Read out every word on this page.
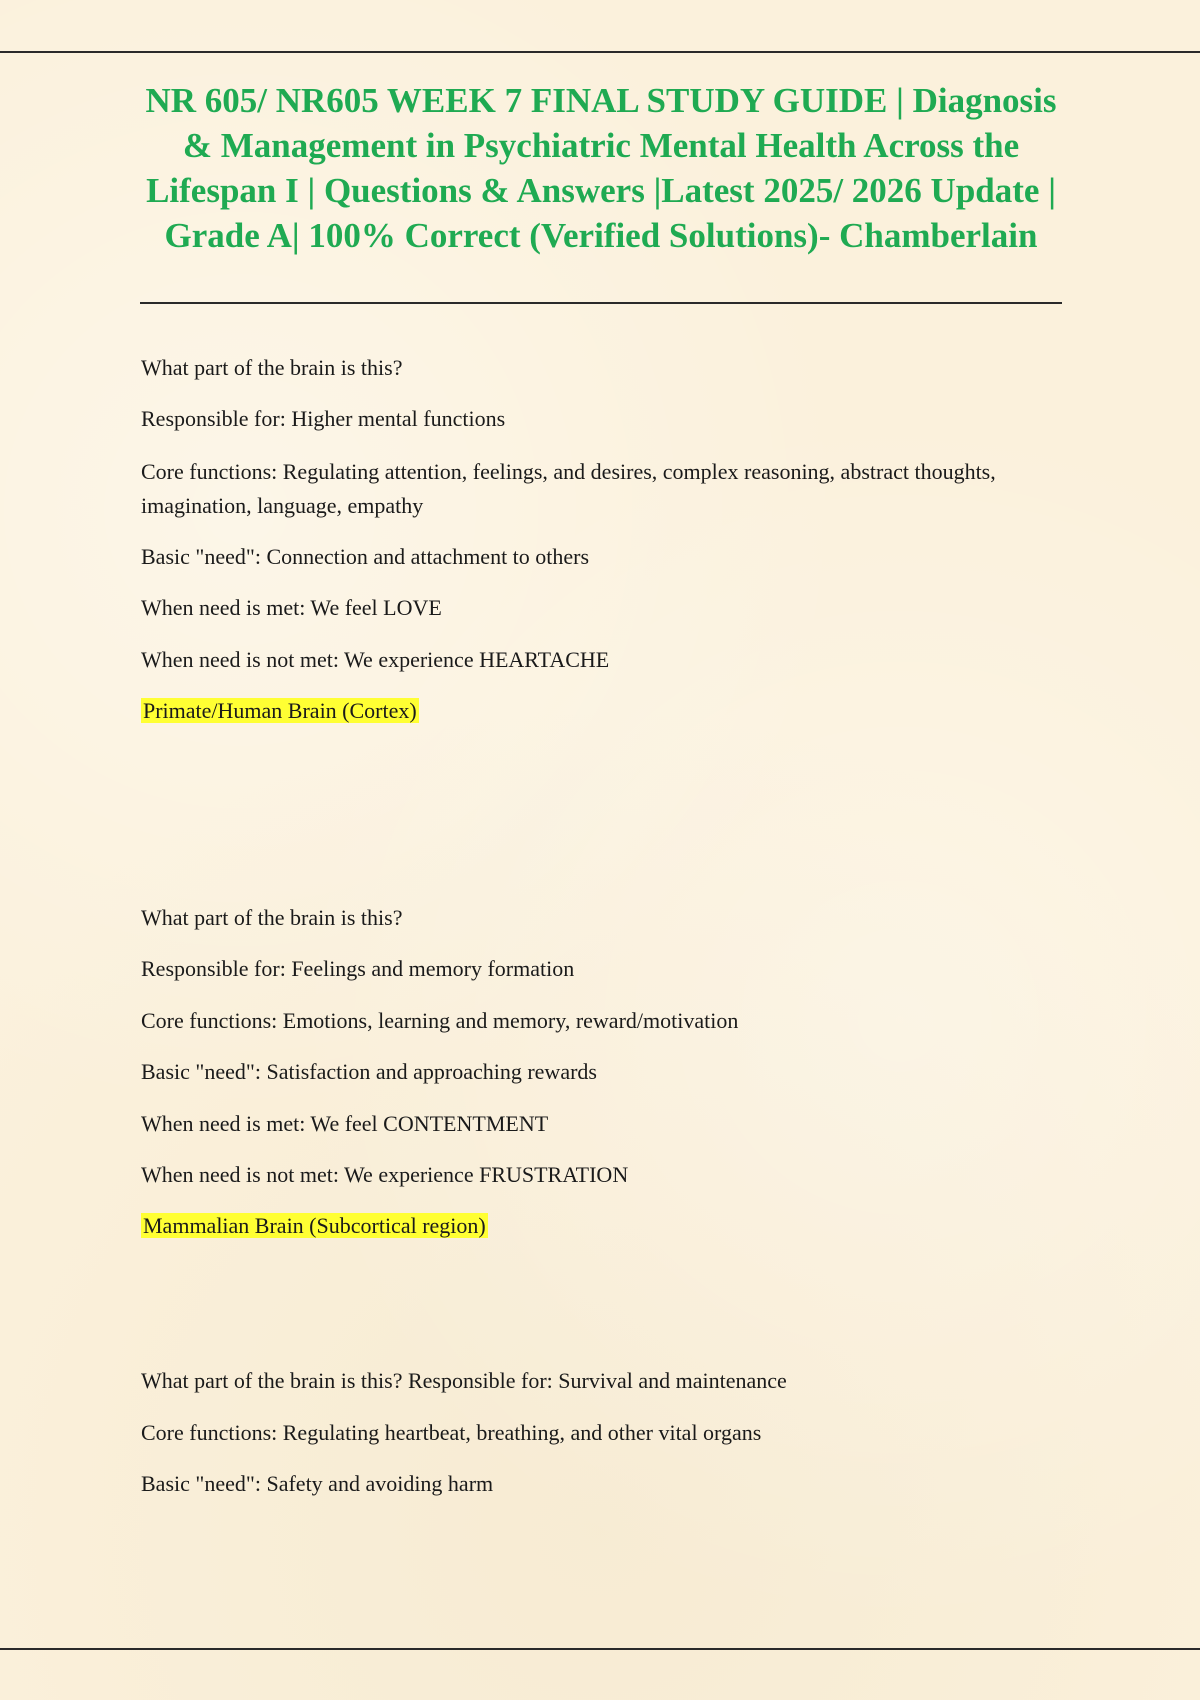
NR 605/ NR605 WEEK 7 FINAL STUDY GUIDE | Diagnosis & Management in Psychiatric Mental Health Across the Lifespan I | Questions & Answers |Latest 2025/ 2026 Update | Grade A| 100% Correct (Verified Solutions)- Chamberlain

What part of the brain is this?

Responsible for: Higher mental functions

Core functions: Regulating attention, feelings, and desires, complex reasoning, abstract thoughts, imagination, language, empathy

Basic "need": Connection and attachment to others

When need is met: We feel LOVE

When need is not met: We experience HEARTACHE

Primate/Human Brain (Cortex)

What part of the brain is this?

Responsible for: Feelings and memory formation

Core functions: Emotions, learning and memory, reward/motivation

Basic "need": Satisfaction and approaching rewards

When need is met: We feel CONTENTMENT

When need is not met: We experience FRUSTRATION

Mammalian Brain (Subcortical region)

What part of the brain is this? Responsible for: Survival and maintenance

Core functions: Regulating heartbeat, breathing, and other vital organs

Basic "need": Safety and avoiding harm
